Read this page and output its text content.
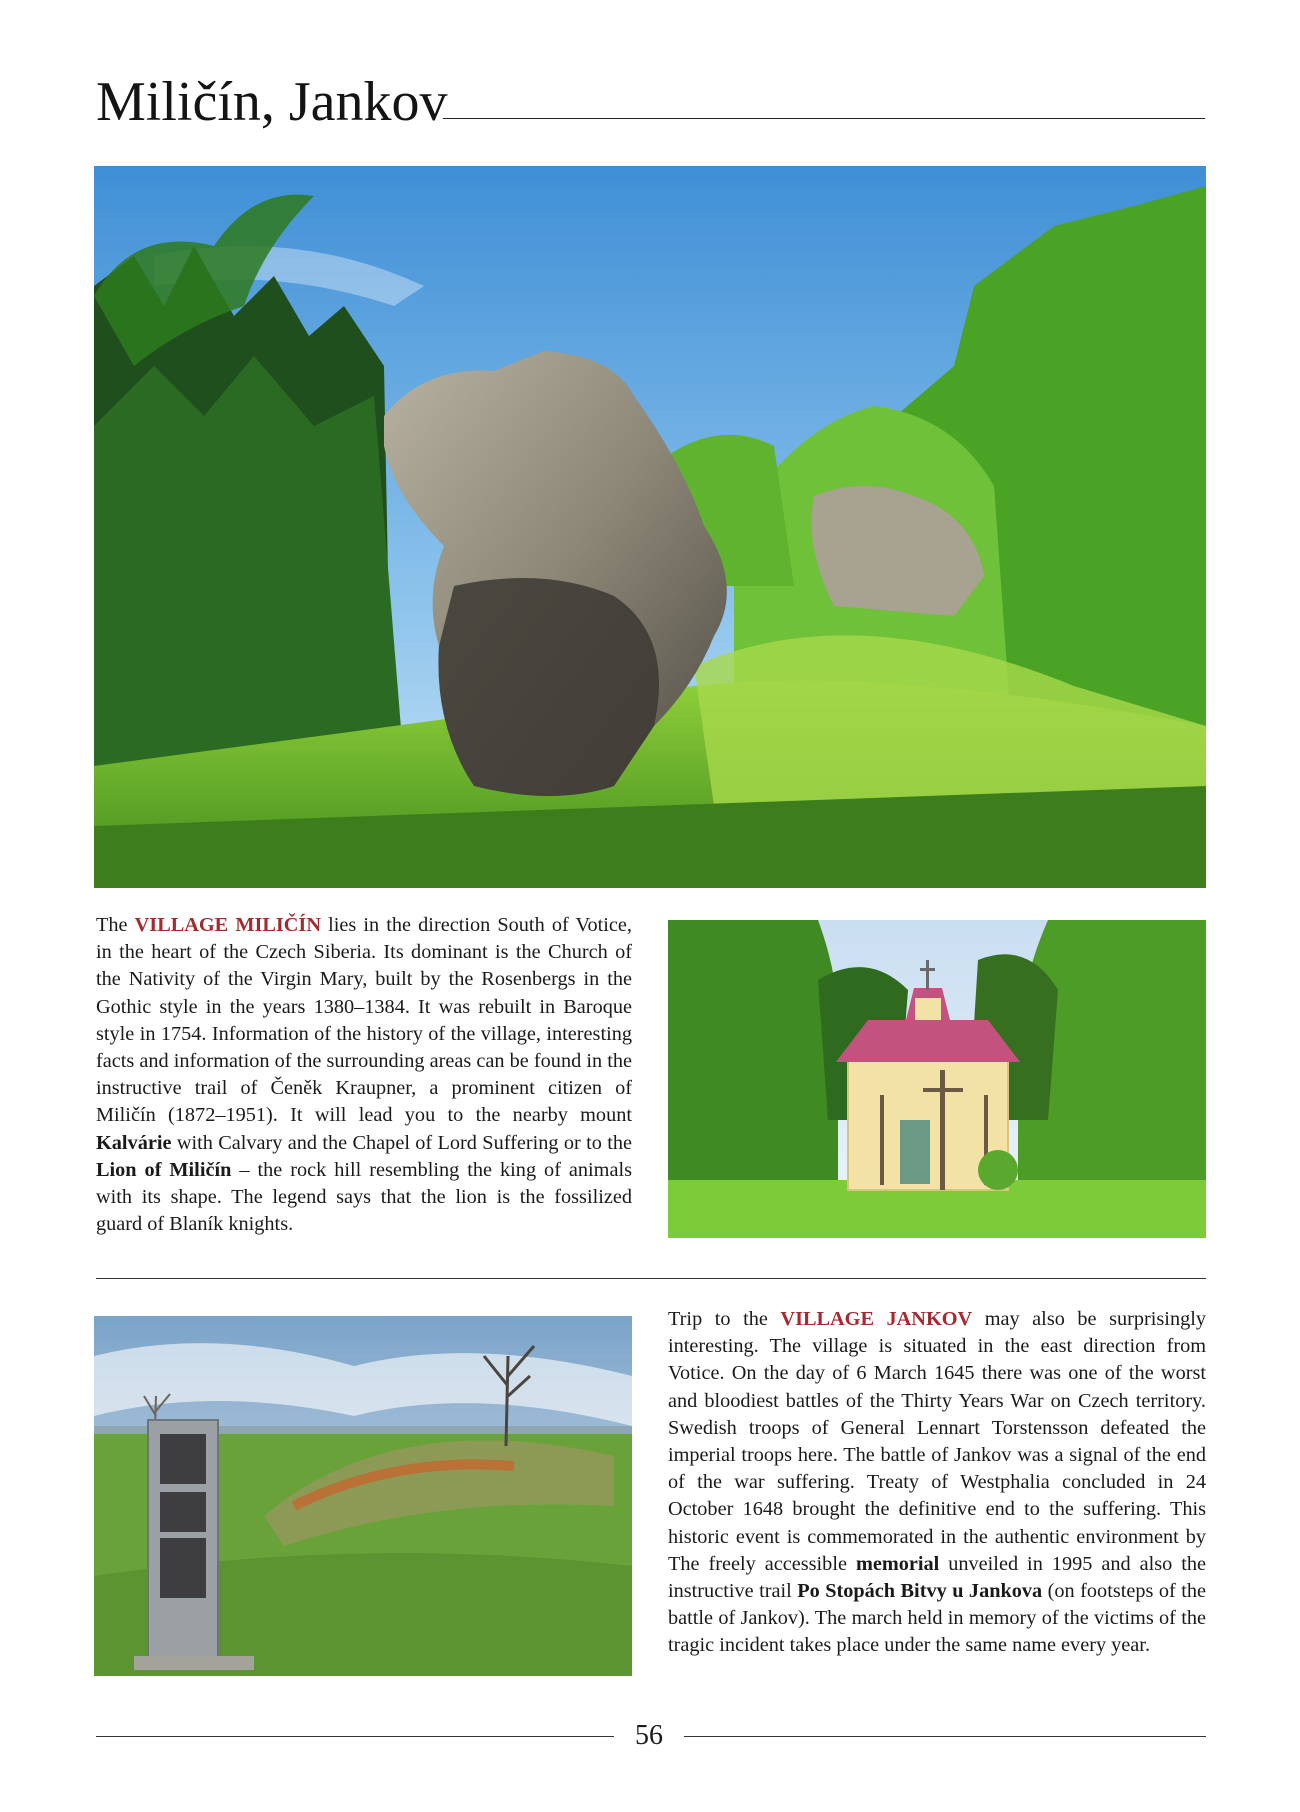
Miličín, Jankov

The VILLAGE MILIČÍN lies in the direction South of Votice, in the heart of the Czech Siberia. Its dominant is the Church of the Nativity of the Virgin Mary, built by the Rosenbergs in the Gothic style in the years 1380–1384. It was rebuilt in Baroque style in 1754. Information of the history of the village, interesting facts and information of the surrounding areas can be found in the instructive trail of Čeněk Kraupner, a prominent citizen of Miličín (1872–1951). It will lead you to the nearby mount Kalvárie with Calvary and the Chapel of Lord Suffering or to the Lion of Miličín – the rock hill resembling the king of animals with its shape. The legend says that the lion is the fossilized guard of Blaník knights.

Trip to the VILLAGE JANKOV may also be surprisingly interesting. The village is situated in the east direction from Votice. On the day of 6 March 1645 there was one of the worst and bloodiest battles of the Thirty Years War on Czech territory. Swedish troops of General Lennart Torstensson defeated the imperial troops here. The battle of Jankov was a signal of the end of the war suffering. Treaty of Westphalia concluded in 24 October 1648 brought the definitive end to the suffering. This historic event is commemorated in the authentic environment by The freely accessible memorial unveiled in 1995 and also the instructive trail Po Stopách Bitvy u Jankova (on footsteps of the battle of Jankov). The march held in memory of the victims of the tragic incident takes place under the same name every year.

56
